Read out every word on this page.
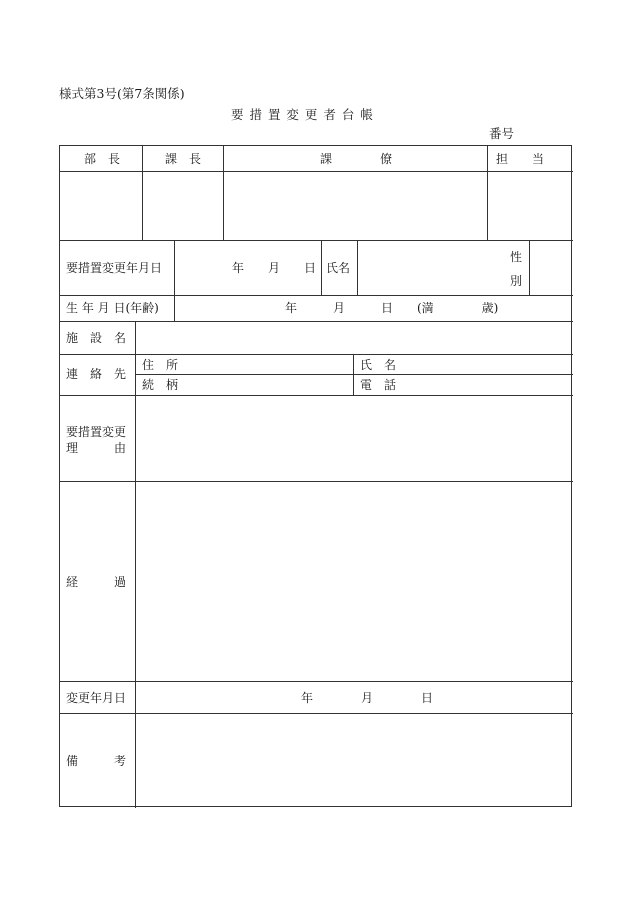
様式第3号(第7条関係)
要 措 置 変 更 者 台 帳
番号
部　長	課　長	課　　　　僚	担　　当
要措置変更年月日	年　　月　　日 氏名
性
別
生 年 月 日(年齢)	年　　　月　　　日　　(満　　　　歳)
施　設　名
連　絡　先
住　所	氏　名
続　柄	電　話
要措置変更
理　　　由
経　　　過
変更年月日	年　　　　月　　　　日
備　　　考
